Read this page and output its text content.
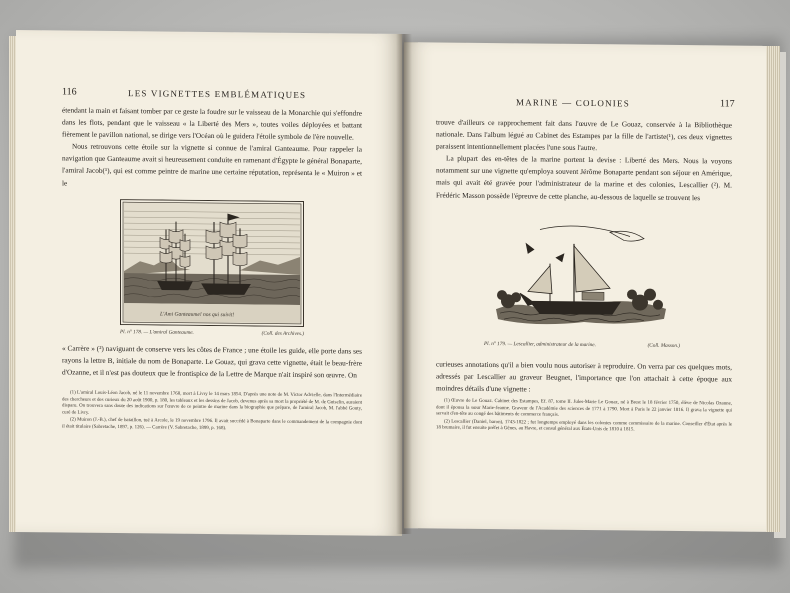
116	LES VIGNETTES EMBLÉMATIQUES

étendant la main et faisant tomber par ce geste la foudre sur le vaisseau de la Monarchie qui s'effondre dans les flots, pendant que le vaisseau « la Liberté des Mers », toutes voiles déployées et battant fièrement le pavillon national, se dirige vers l'Océan où le guidera l'étoile symbole de l'ère nouvelle.

Nous retrouvons cette étoile sur la vignette si connue de l'amiral Ganteaume. Pour rappeler la navigation que Ganteaume avait si heureusement conduite en ramenant d'Égypte le général Bonaparte, l'amiral Jacob(¹), qui est comme peintre de marine une certaine réputation, représenta le « Muiron » et le

L'Ami Ganteaume! nos qui suivit!
Pl. n° 178. — L'amiral Ganteaume.	(Coll. des Archives.)

« Carrère » (²) naviguant de conserve vers les côtes de France ; une étoile les guide, elle porte dans ses rayons la lettre B, initiale du nom de Bonaparte. Le Gouaz, qui grava cette vignette, était le beau-frère d'Ozanne, et il n'est pas douteux que le frontispice de la Lettre de Marque n'ait inspiré son œuvre. On

(1) L'amiral Louis-Léon Jacob, né le 11 novembre 1768, mort à Livry le 14 mars 1854. D'après une note de M. Victor Advielle, dans l'Intermédiaire des chercheurs et des curieux du 20 août 1900, p. 180, les tableaux et les dessins de Jacob, devenus après sa mort la propriété de M. de Guiselin, auraient disparu. On trouvera sans doute des indications sur l'œuvre de ce peintre de marine dans la biographie que prépare, de l'amiral Jacob, M. l'abbé Gouty, curé de Livry.

(2) Muiron (J.-B.), chef de bataillon, tué à Arcole, le 19 novembre 1796. Il avait succédé à Bonaparte dans le commandement de la compagnie dont il était titulaire (Sabretache, 1897, p. 126). — Carrère (V. Sabretache, 1899, p. 168).

MARINE — COLONIES	117

trouve d'ailleurs ce rapprochement fait dans l'œuvre de Le Gouaz, conservée à la Bibliothèque nationale. Dans l'album légué au Cabinet des Estampes par la fille de l'artiste(¹), ces deux vignettes paraissent intentionnellement placées l'une sous l'autre.

La plupart des en-têtes de la marine portent la devise : Liberté des Mers. Nous la voyons notamment sur une vignette qu'employa souvent Jérôme Bonaparte pendant son séjour en Amérique, mais qui avait été gravée pour l'administrateur de la marine et des colonies, Lescallier (²). M. Frédéric Masson possède l'épreuve de cette planche, au-dessous de laquelle se trouvent les

Pl. n° 179. — Lescallier, administrateur de la marine.	(Coll. Masson.)

curieuses annotations qu'il a bien voulu nous autoriser à reproduire. On verra par ces quelques mots, adressés par Lescallier au graveur Beugnet, l'importance que l'on attachait à cette époque aux moindres détails d'une vignette :

(1) Œuvre de Le Gouaz. Cabinet des Estampes, Ef. 87, tome II. Jules-Marie Le Gouaz, né à Brest le 18 février 1750, élève de Nicolas Ozanne, dont il épousa la sœur Marie-Jeanne. Graveur de l'Académie des sciences de 1771 à 1790. Mort à Paris le 22 janvier 1816. Il grava la vignette qui servait d'en-tête au congé des bâtiments de commerce français.

(2) Lescallier (Daniel, baron), 1743-1822 ; fut longtemps employé dans les colonies comme commissaire de la marine. Conseiller d'État après le 18 brumaire, il fut ensuite préfet à Gênes, au Havre, et consul général aux États-Unis de 1810 à 1815.
